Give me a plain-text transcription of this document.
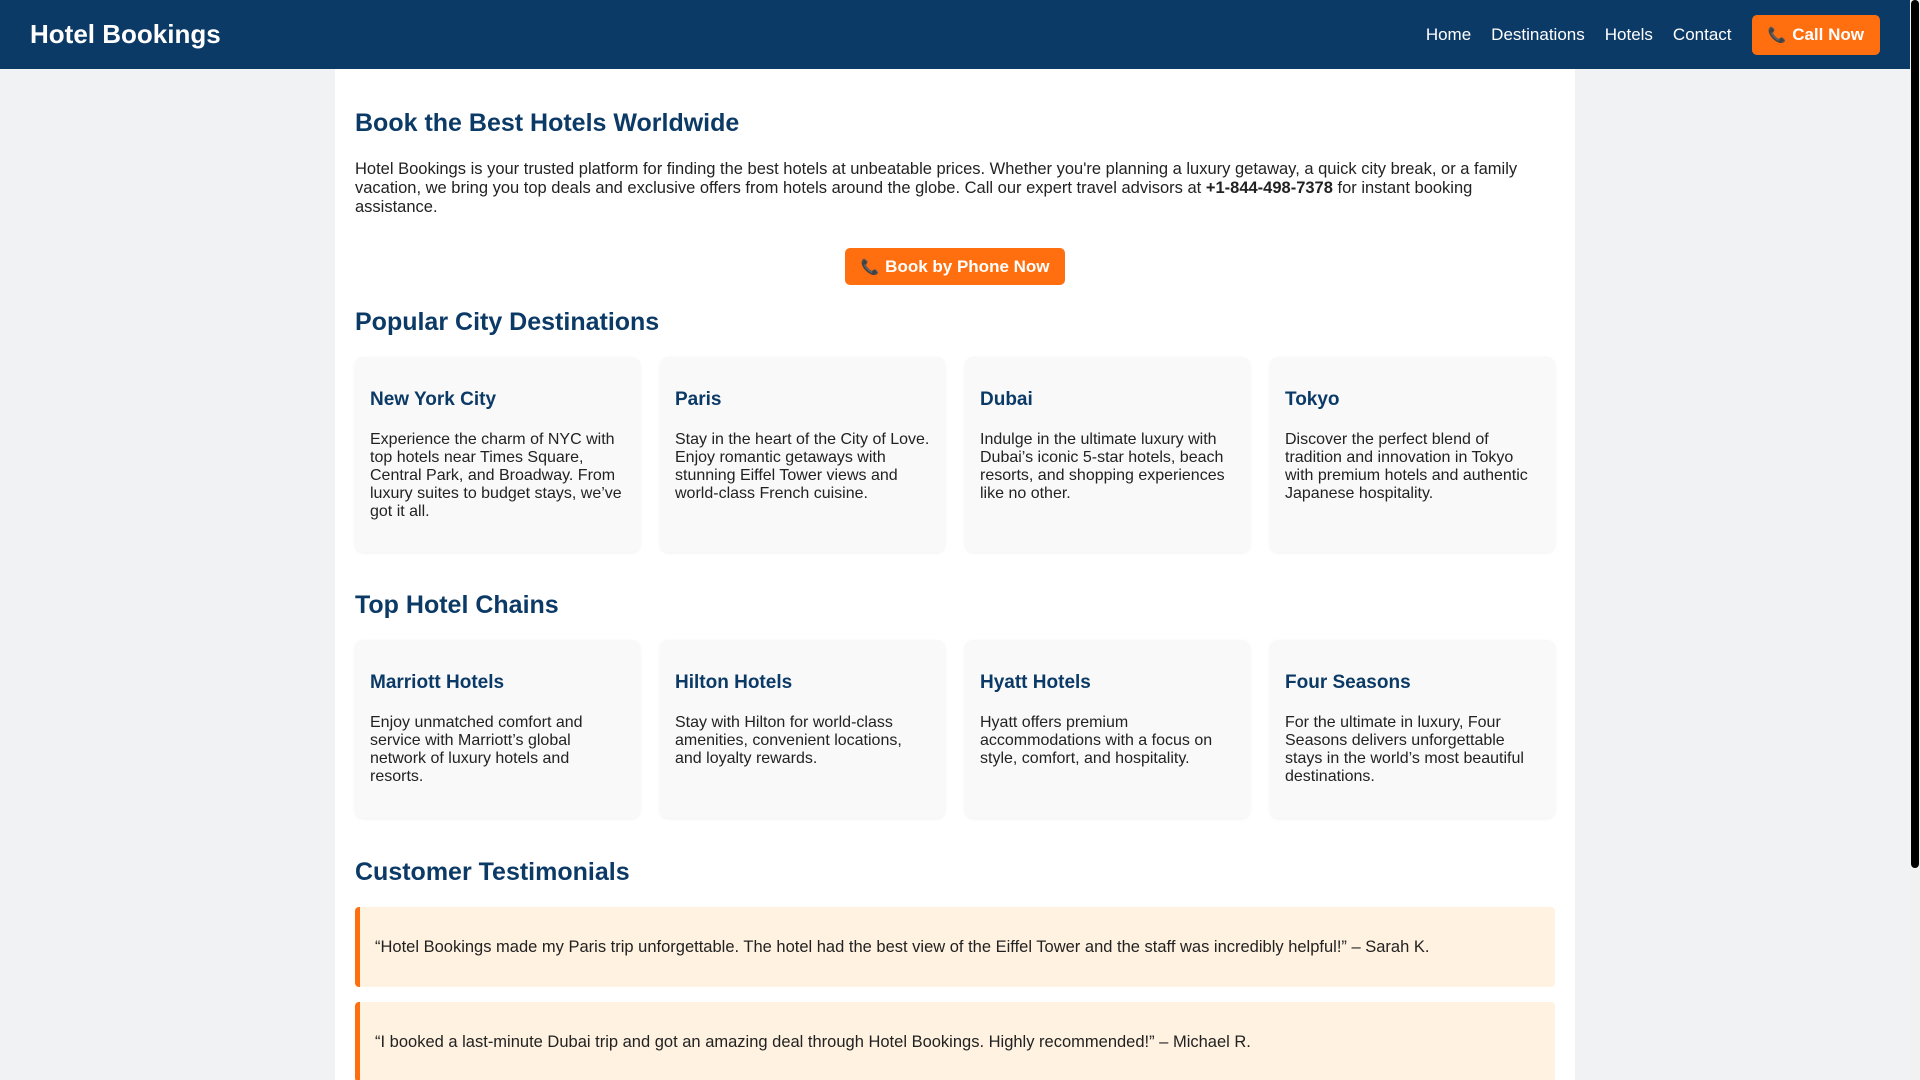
Hotel Bookings	Home Destinations Hotels Contact 📞 Call Now
Book the Best Hotels Worldwide

Hotel Bookings is your trusted platform for finding the best hotels at unbeatable prices. Whether you're planning a luxury getaway, a quick city break, or a family vacation, we bring you top deals and exclusive offers from hotels around the globe. Call our expert travel advisors at +1-844-498-7378 for instant booking assistance.

📞 Book by Phone Now
Popular City Destinations
New York City
Experience the charm of NYC with top hotels near Times Square, Central Park, and Broadway. From luxury suites to budget stays, we’ve got it all.
Paris
Stay in the heart of the City of Love. Enjoy romantic getaways with stunning Eiffel Tower views and world-class French cuisine.
Dubai
Indulge in the ultimate luxury with Dubai’s iconic 5-star hotels, beach resorts, and shopping experiences like no other.
Tokyo
Discover the perfect blend of tradition and innovation in Tokyo with premium hotels and authentic Japanese hospitality.
Top Hotel Chains
Marriott Hotels
Enjoy unmatched comfort and service with Marriott’s global network of luxury hotels and resorts.
Hilton Hotels
Stay with Hilton for world-class amenities, convenient locations, and loyalty rewards.
Hyatt Hotels
Hyatt offers premium accommodations with a focus on style, comfort, and hospitality.
Four Seasons
For the ultimate in luxury, Four Seasons delivers unforgettable stays in the world’s most beautiful destinations.
Customer Testimonials
“Hotel Bookings made my Paris trip unforgettable. The hotel had the best view of the Eiffel Tower and the staff was incredibly helpful!” – Sarah K.
“I booked a last-minute Dubai trip and got an amazing deal through Hotel Bookings. Highly recommended!” – Michael R.
